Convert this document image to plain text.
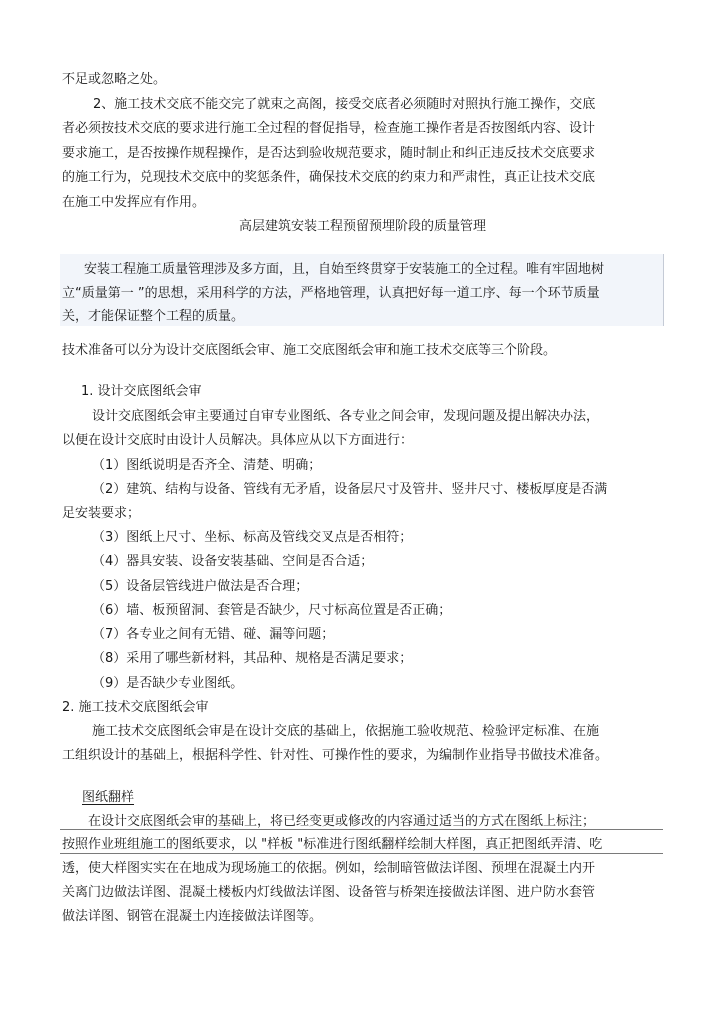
不足或忽略之处。
2、施工技术交底不能交完了就束之高阁，接受交底者必须随时对照执行施工操作，交底
者必须按技术交底的要求进行施工全过程的督促指导，检查施工操作者是否按图纸内容、设计
要求施工，是否按操作规程操作，是否达到验收规范要求，随时制止和纠正违反技术交底要求
的施工行为，兑现技术交底中的奖惩条件，确保技术交底的约束力和严肃性，真正让技术交底
在施工中发挥应有作用。
高层建筑安装工程预留预埋阶段的质量管理
安装工程施工质量管理涉及多方面，且，自始至终贯穿于安装施工的全过程。唯有牢固地树
立“质量第一 ”的思想，采用科学的方法，严格地管理，认真把好每一道工序、每一个环节质量
关，才能保证整个工程的质量。
技术准备可以分为设计交底图纸会审、施工交底图纸会审和施工技术交底等三个阶段。
1. 设计交底图纸会审
设计交底图纸会审主要通过自审专业图纸、各专业之间会审，发现问题及提出解决办法，
以便在设计交底时由设计人员解决。具体应从以下方面进行：
（1）图纸说明是否齐全、清楚、明确；
（2）建筑、结构与设备、管线有无矛盾，设备层尺寸及管井、竖井尺寸、楼板厚度是否满
足安装要求；
（3）图纸上尺寸、坐标、标高及管线交叉点是否相符；
（4）器具安装、设备安装基础、空间是否合适；
（5）设备层管线进户做法是否合理；
（6）墙、板预留洞、套管是否缺少，尺寸标高位置是否正确；
（7）各专业之间有无错、碰、漏等问题；
（8）采用了哪些新材料，其品种、规格是否满足要求；
（9）是否缺少专业图纸。
2. 施工技术交底图纸会审
施工技术交底图纸会审是在设计交底的基础上，依据施工验收规范、检验评定标准、在施
工组织设计的基础上，根据科学性、针对性、可操作性的要求，为编制作业指导书做技术准备。
图纸翻样
在设计交底图纸会审的基础上，将已经变更或修改的内容通过适当的方式在图纸上标注；
按照作业班组施工的图纸要求，以 "样板 "标准进行图纸翻样绘制大样图，真正把图纸弄清、吃
透，使大样图实实在在地成为现场施工的依据。例如，绘制暗管做法详图、预埋在混凝土内开
关离门边做法详图、混凝土楼板内灯线做法详图、设备管与桥架连接做法详图、进户防水套管
做法详图、钢管在混凝土内连接做法详图等。
